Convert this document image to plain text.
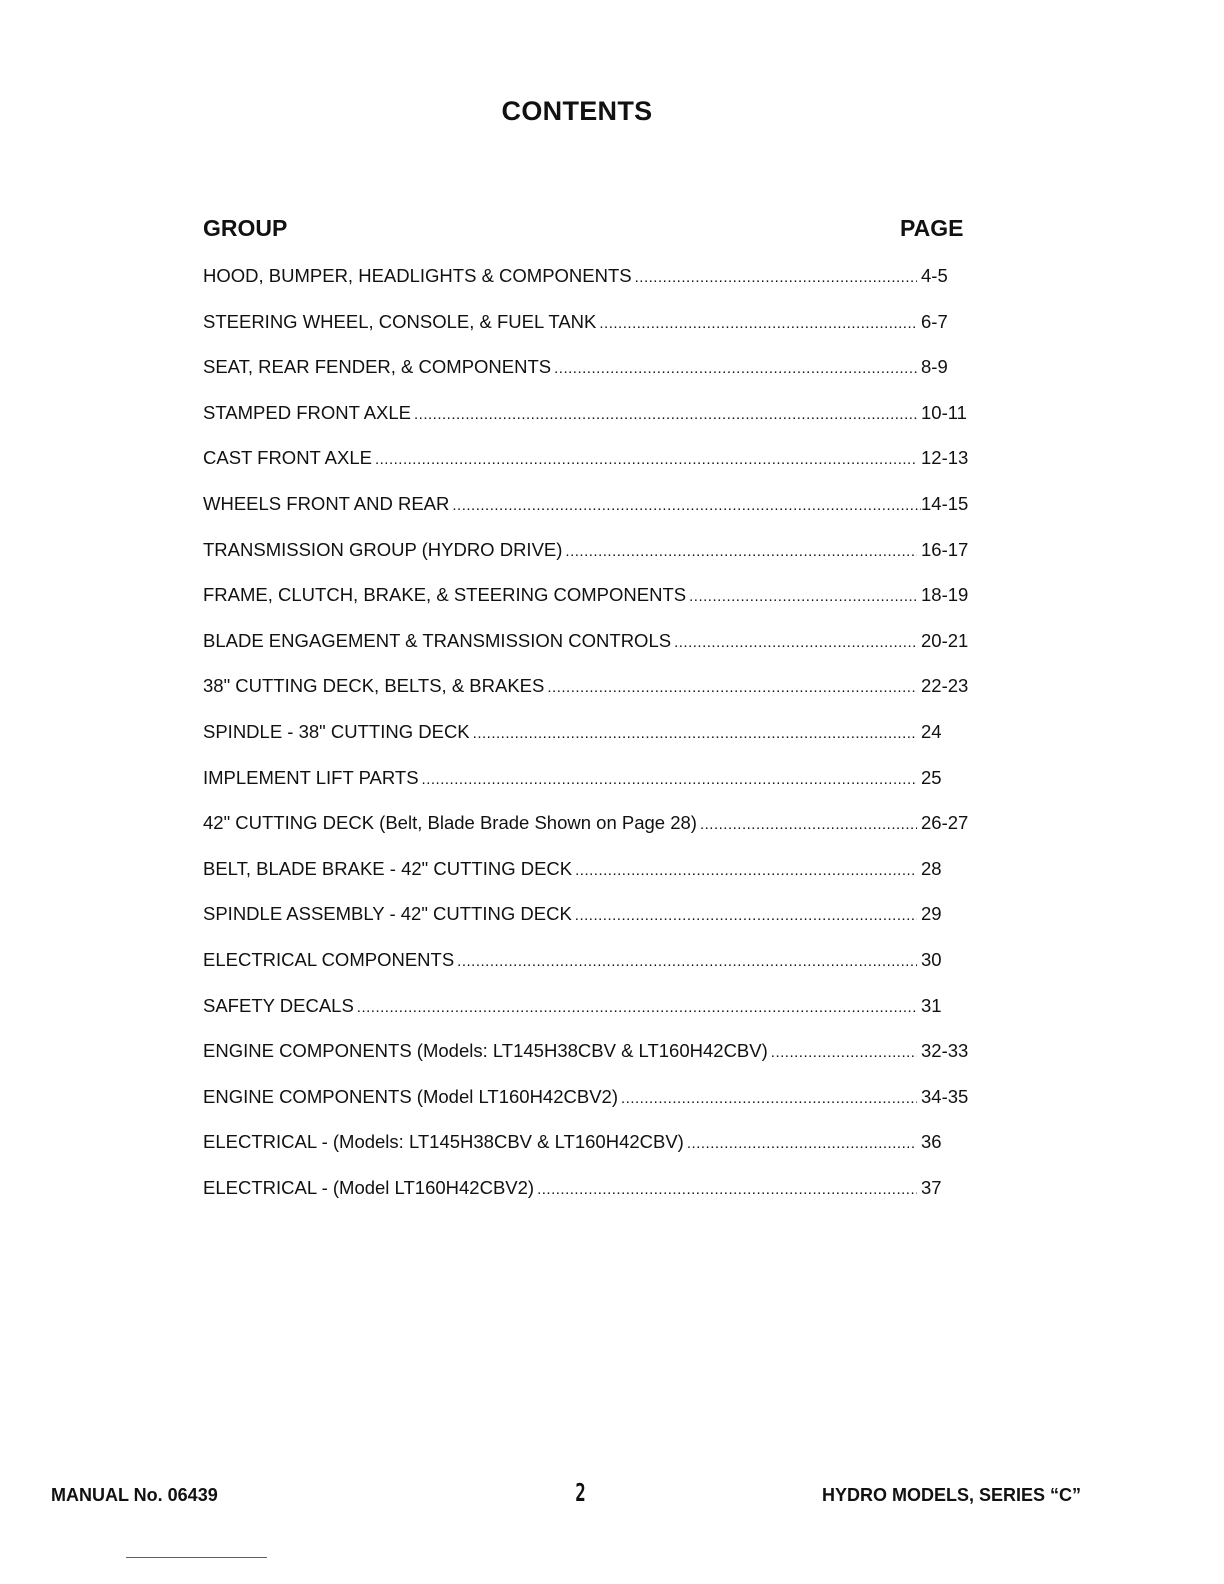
CONTENTS
GROUP	PAGE
HOOD, BUMPER, HEADLIGHTS & COMPONENTS .....	4-5
STEERING WHEEL, CONSOLE, & FUEL TANK .....	6-7
SEAT, REAR FENDER, & COMPONENTS .....	8-9
STAMPED FRONT AXLE .....	10-11
CAST FRONT AXLE .....	12-13
WHEELS FRONT AND REAR .....	14-15
TRANSMISSION GROUP (HYDRO DRIVE) .....	16-17
FRAME, CLUTCH, BRAKE, & STEERING COMPONENTS .....	18-19
BLADE ENGAGEMENT & TRANSMISSION CONTROLS .....	20-21
38" CUTTING DECK, BELTS, & BRAKES .....	22-23
SPINDLE - 38" CUTTING DECK .....	24
IMPLEMENT LIFT PARTS .....	25
42" CUTTING DECK (Belt, Blade Brade Shown on Page 28) .....	26-27
BELT, BLADE BRAKE - 42" CUTTING DECK .....	28
SPINDLE ASSEMBLY - 42" CUTTING DECK .....	29
ELECTRICAL COMPONENTS .....	30
SAFETY DECALS .....	31
ENGINE COMPONENTS (Models: LT145H38CBV & LT160H42CBV) .....	32-33
ENGINE COMPONENTS (Model LT160H42CBV2) .....	34-35
ELECTRICAL - (Models: LT145H38CBV & LT160H42CBV) .....	36
ELECTRICAL - (Model LT160H42CBV2) .....	37
MANUAL No. 06439	2	HYDRO MODELS, SERIES “C”
